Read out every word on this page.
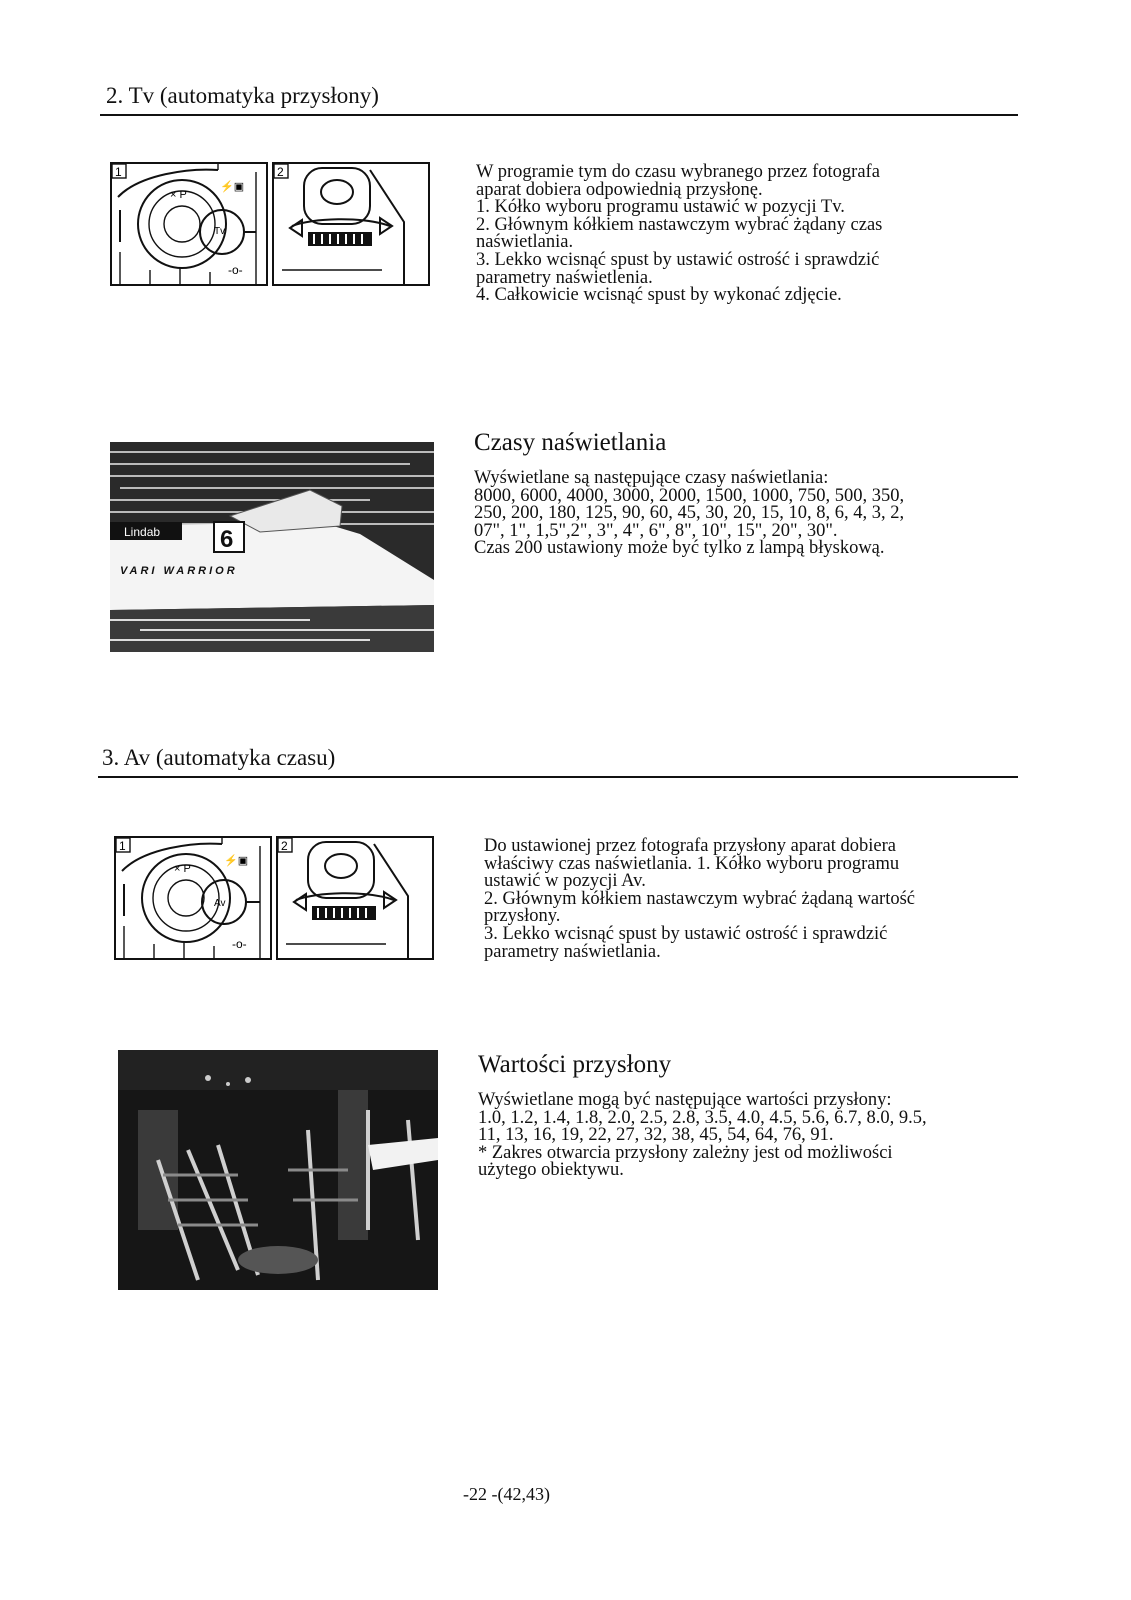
2. Tv (automatyka przysłony)
1
× P
Tv
⚡▣
-o-
2	W programie tym do czasu wybranego przez fotografa
aparat dobiera odpowiednią przysłonę.
1. Kółko wyboru programu ustawić w pozycji Tv.
2. Głównym kółkiem nastawczym wybrać żądany czas
naświetlania.
3. Lekko wcisnąć spust by ustawić ostrość i sprawdzić
parametry naświetlenia.
4. Całkowicie wcisnąć spust by wykonać zdjęcie.
Lindab 6
VARI WARRIOR
Czasy naświetlania
Wyświetlane są następujące czasy naświetlania:
8000, 6000, 4000, 3000, 2000, 1500, 1000, 750, 500, 350,
250, 200, 180, 125, 90, 60, 45, 30, 20, 15, 10, 8, 6, 4, 3, 2,
07", 1", 1,5",2", 3", 4", 6", 8", 10", 15", 20", 30".
Czas 200 ustawiony może być tylko z lampą błyskową.
3. Av (automatyka czasu)
1
× P
Av
⚡▣
-o-
2	Do ustawionej przez fotografa przysłony aparat dobiera
właściwy czas naświetlania. 1. Kółko wyboru programu
ustawić w pozycji Av.
2. Głównym kółkiem nastawczym wybrać żądaną wartość
przysłony.
3. Lekko wcisnąć spust by ustawić ostrość i sprawdzić
parametry naświetlania.
Wartości przysłony
Wyświetlane mogą być następujące wartości przysłony:
1.0, 1.2, 1.4, 1.8, 2.0, 2.5, 2.8, 3.5, 4.0, 4.5, 5.6, 6.7, 8.0, 9.5,
11, 13, 16, 19, 22, 27, 32, 38, 45, 54, 64, 76, 91.
* Zakres otwarcia przysłony zależny jest od możliwości
użytego obiektywu.
-22 -(42,43)
